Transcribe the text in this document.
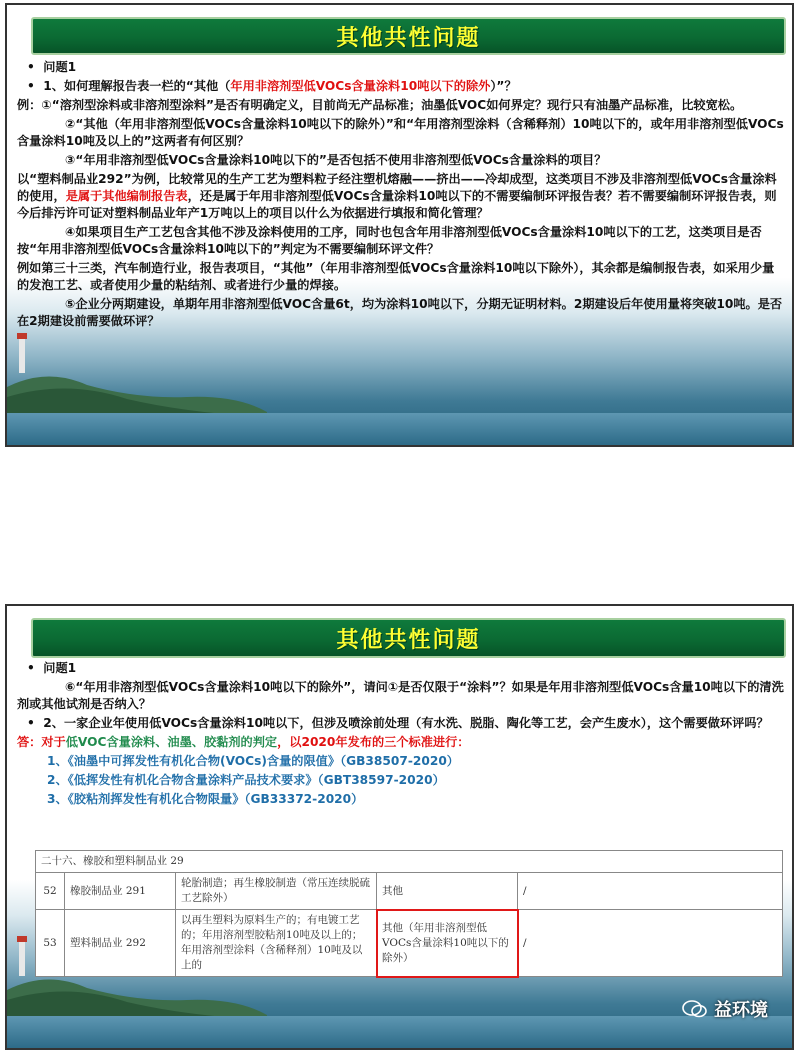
其他共性问题

•  问题1

•  1、如何理解报告表一栏的“其他（年用非溶剂型低VOCs含量涂料10吨以下的除外）”？

例：①“溶剂型涂料或非溶剂型涂料”是否有明确定义，目前尚无产品标准；油墨低VOC如何界定？现行只有油墨产品标准，比较宽松。

②“其他（年用非溶剂型低VOCs含量涂料10吨以下的除外）”和“年用溶剂型涂料（含稀释剂）10吨以下的，或年用非溶剂型低VOCs含量涂料10吨及以上的”这两者有何区别？

③“年用非溶剂型低VOCs含量涂料10吨以下的”是否包括不使用非溶剂型低VOCs含量涂料的项目？

以“塑料制品业292”为例，比较常见的生产工艺为塑料粒子经注塑机熔融——挤出——冷却成型，这类项目不涉及非溶剂型低VOCs含量涂料的使用，是属于其他编制报告表，还是属于年用非溶剂型低VOCs含量涂料10吨以下的不需要编制环评报告表？若不需要编制环评报告表，则今后排污许可证对塑料制品业年产1万吨以上的项目以什么为依据进行填报和简化管理？

④如果项目生产工艺包含其他不涉及涂料使用的工序，同时也包含年用非溶剂型低VOCs含量涂料10吨以下的工艺，这类项目是否按“年用非溶剂型低VOCs含量涂料10吨以下的”判定为不需要编制环评文件？

例如第三十三类，汽车制造行业，报告表项目，“其他”（年用非溶剂型低VOCs含量涂料10吨以下除外），其余都是编制报告表，如采用少量的发泡工艺、或者使用少量的粘结剂、或者进行少量的焊接。

⑤企业分两期建设，单期年用非溶剂型低VOC含量6t，均为涂料10吨以下，分期无证明材料。2期建设后年使用量将突破10吨。是否在2期建设前需要做环评？

其他共性问题

•  问题1

⑥“年用非溶剂型低VOCs含量涂料10吨以下的除外”，请问①是否仅限于“涂料”？如果是年用非溶剂型低VOCs含量10吨以下的清洗剂或其他试剂是否纳入？

•  2、一家企业年使用低VOCs含量涂料10吨以下，但涉及喷涂前处理（有水洗、脱脂、陶化等工艺，会产生废水），这个需要做环评吗？

答：对于低VOC含量涂料、油墨、胶黏剂的判定，以2020年发布的三个标准进行：

1、《油墨中可挥发性有机化合物(VOCs)含量的限值》（GB38507-2020）

2、《低挥发性有机化合物含量涂料产品技术要求》（GBT38597-2020）

3、《胶粘剂挥发性有机化合物限量》（GB33372-2020）

二十六、橡胶和塑料制品业 29				
52	橡胶制品业 291	轮胎制造；再生橡胶制造（常压连续脱硫工艺除外）	其他	/
53	塑料制品业 292	以再生塑料为原料生产的；有电镀工艺的；年用溶剂型胶粘剂10吨及以上的；年用溶剂型涂料（含稀释剂）10吨及以上的	其他（年用非溶剂型低VOCs含量涂料10吨以下的除外）	/
益环境
